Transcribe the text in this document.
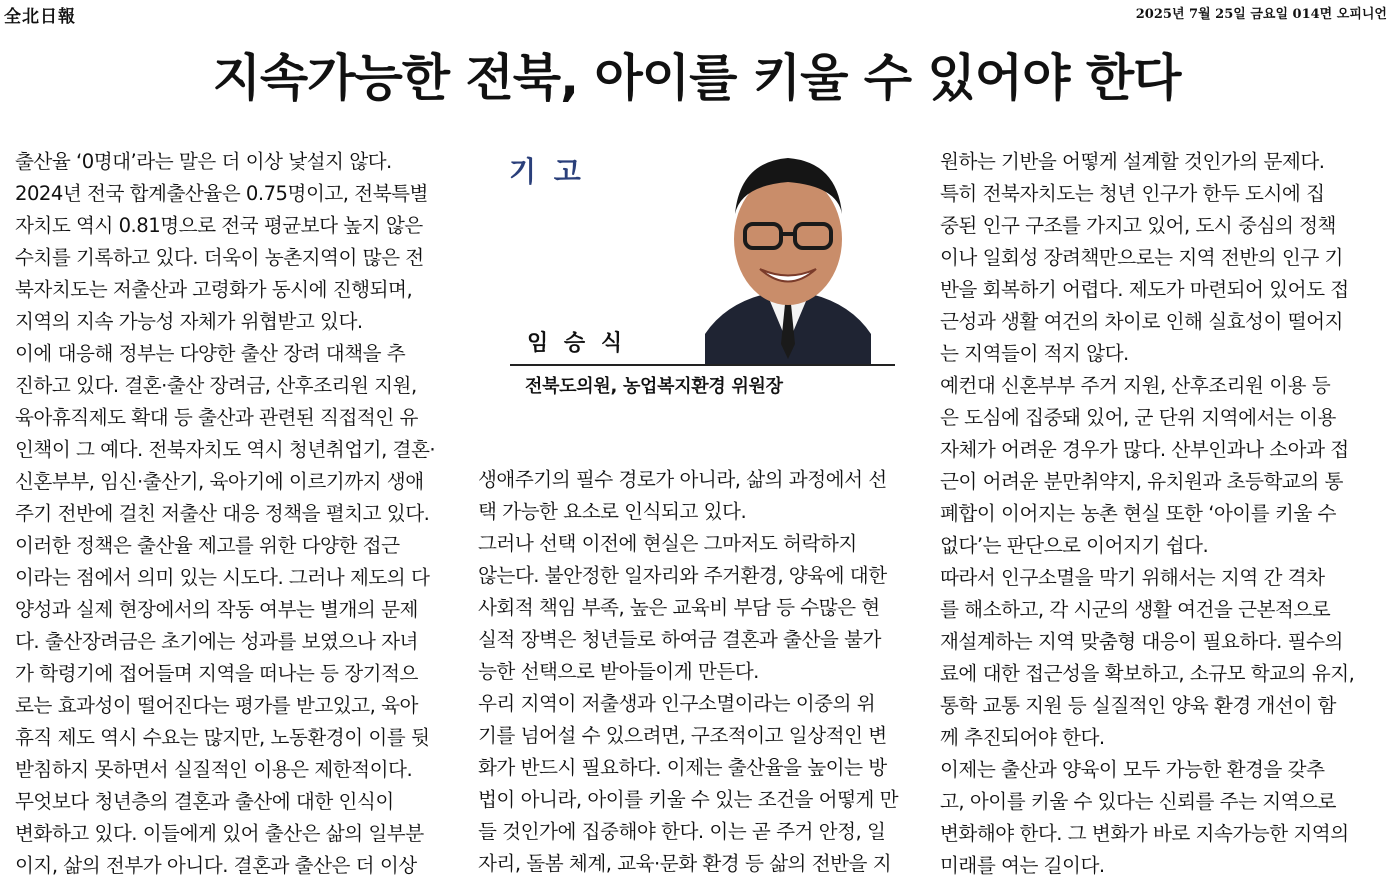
全北日報	2025년 7월 25일 금요일 014면 오피니언
지속가능한 전북, 아이를 키울 수 있어야 한다
출산율 ‘0명대’라는 말은 더 이상 낯설지 않다.
2024년 전국 합계출산율은 0.75명이고, 전북특별
자치도 역시 0.81명으로 전국 평균보다 높지 않은
수치를 기록하고 있다. 더욱이 농촌지역이 많은 전
북자치도는 저출산과 고령화가 동시에 진행되며,
지역의 지속 가능성 자체가 위협받고 있다.
이에 대응해 정부는 다양한 출산 장려 대책을 추
진하고 있다. 결혼·출산 장려금, 산후조리원 지원,
육아휴직제도 확대 등 출산과 관련된 직접적인 유
인책이 그 예다. 전북자치도 역시 청년취업기, 결혼·
신혼부부, 임신·출산기, 육아기에 이르기까지 생애
주기 전반에 걸친 저출산 대응 정책을 펼치고 있다.
이러한 정책은 출산율 제고를 위한 다양한 접근
이라는 점에서 의미 있는 시도다. 그러나 제도의 다
양성과 실제 현장에서의 작동 여부는 별개의 문제
다. 출산장려금은 초기에는 성과를 보였으나 자녀
가 학령기에 접어들며 지역을 떠나는 등 장기적으
로는 효과성이 떨어진다는 평가를 받고있고, 육아
휴직 제도 역시 수요는 많지만, 노동환경이 이를 뒷
받침하지 못하면서 실질적인 이용은 제한적이다.
무엇보다 청년층의 결혼과 출산에 대한 인식이
변화하고 있다. 이들에게 있어 출산은 삶의 일부분
이지, 삶의 전부가 아니다. 결혼과 출산은 더 이상
기 고
임 승 식
전북도의원, 농업복지환경 위원장
생애주기의 필수 경로가 아니라, 삶의 과정에서 선
택 가능한 요소로 인식되고 있다.
그러나 선택 이전에 현실은 그마저도 허락하지
않는다. 불안정한 일자리와 주거환경, 양육에 대한
사회적 책임 부족, 높은 교육비 부담 등 수많은 현
실적 장벽은 청년들로 하여금 결혼과 출산을 불가
능한 선택으로 받아들이게 만든다.
우리 지역이 저출생과 인구소멸이라는 이중의 위
기를 넘어설 수 있으려면, 구조적이고 일상적인 변
화가 반드시 필요하다. 이제는 출산율을 높이는 방
법이 아니라, 아이를 키울 수 있는 조건을 어떻게 만
들 것인가에 집중해야 한다. 이는 곧 주거 안정, 일
자리, 돌봄 체계, 교육·문화 환경 등 삶의 전반을 지
원하는 기반을 어떻게 설계할 것인가의 문제다.
특히 전북자치도는 청년 인구가 한두 도시에 집
중된 인구 구조를 가지고 있어, 도시 중심의 정책
이나 일회성 장려책만으로는 지역 전반의 인구 기
반을 회복하기 어렵다. 제도가 마련되어 있어도 접
근성과 생활 여건의 차이로 인해 실효성이 떨어지
는 지역들이 적지 않다.
예컨대 신혼부부 주거 지원, 산후조리원 이용 등
은 도심에 집중돼 있어, 군 단위 지역에서는 이용
자체가 어려운 경우가 많다. 산부인과나 소아과 접
근이 어려운 분만취약지, 유치원과 초등학교의 통
폐합이 이어지는 농촌 현실 또한 ‘아이를 키울 수
없다’는 판단으로 이어지기 쉽다.
따라서 인구소멸을 막기 위해서는 지역 간 격차
를 해소하고, 각 시군의 생활 여건을 근본적으로
재설계하는 지역 맞춤형 대응이 필요하다. 필수의
료에 대한 접근성을 확보하고, 소규모 학교의 유지,
통학 교통 지원 등 실질적인 양육 환경 개선이 함
께 추진되어야 한다.
이제는 출산과 양육이 모두 가능한 환경을 갖추
고, 아이를 키울 수 있다는 신뢰를 주는 지역으로
변화해야 한다. 그 변화가 바로 지속가능한 지역의
미래를 여는 길이다.
